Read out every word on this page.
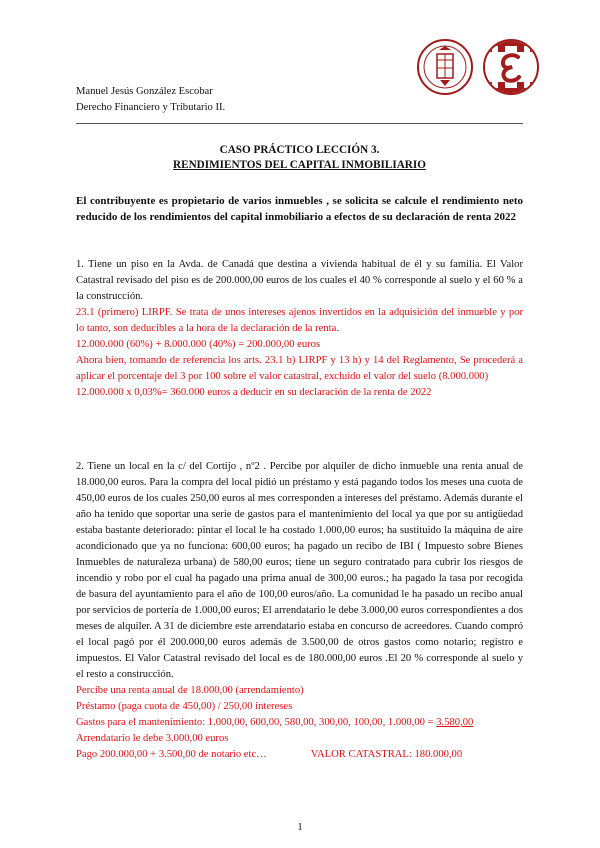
Manuel Jesús González Escobar
Derecho Financiero y Tributario II.
CASO PRÁCTICO LECCIÓN 3.
RENDIMIENTOS DEL CAPITAL INMOBILIARIO
El contribuyente es propietario de varios inmuebles , se solicita se calcule el rendimiento neto reducido de los rendimientos del capital inmobiliario a efectos de su declaración de renta 2022

1. Tiene un piso en la Avda. de Canadá que destina a vivienda habitual de él y su familia. El Valor Catastral revisado del piso es de 200.000,00 euros de los cuales el 40 % corresponde al suelo y el 60 % a la construcción.

23.1 (primero) LIRPF. Se trata de unos intereses ajenos invertidos en la adquisición del inmueble y por lo tanto, son deducibles a la hora de la declaración de la renta.

12.000.000 (60%) + 8.000.000 (40%) = 200.000,00 euros

Ahora bien, tomando de referencia los arts. 23.1 b) LIRPF y 13 h) y 14 del Reglamento, Se procederá a aplicar el porcentaje del 3 por 100 sobre el valor catastral, excluido el valor del suelo (8.000.000)

12.000.000 x 0,03%= 360.000 euros a deducir en su declaración de la renta de 2022

2. Tiene un local en la c/ del Cortijo , nº2 . Percibe por alquiler de dicho inmueble una renta anual de 18.000,00 euros. Para la compra del local pidió un préstamo y está pagando todos los meses una cuota de 450,00 euros de los cuales 250,00 euros al mes corresponden a intereses del préstamo. Además durante el año ha tenido que soportar una serie de gastos para el mantenimiento del local ya que por su antigüedad estaba bastante deteriorado: pintar el local le ha costado 1.000,00 euros; ha sustituido la máquina de aire acondicionado que ya no funciona: 600,00 euros; ha pagado un recibo de IBI ( Impuesto sobre Bienes Inmuebles de naturaleza urbana) de 580,00 euros; tiene un seguro contratado para cubrir los riesgos de incendio y robo por el cual ha pagado una prima anual de 300,00 euros.; ha pagado la tasa por recogida de basura del ayuntamiento para el año de 100,00 euros/año. La comunidad le ha pasado un recibo anual por servicios de portería de 1.000,00 euros; El arrendatario le debe 3.000,00 euros correspondientes a dos meses de alquiler. A 31 de diciembre este arrendatario estaba en concurso de acreedores. Cuando compró el local pagó por él 200.000,00 euros además de 3.500,00 de otros gastos como notario; registro e impuestos. El Valor Catastral revisado del local es de 180.000,00 euros .El 20 % corresponde al suelo y el resto a construcción.

Percibe una renta anual de 18.000,00 (arrendamiento)

Préstamo (paga cuota de 450,00) / 250,00 intereses

Gastos para el mantenimiento: 1.000,00, 600,00, 580,00, 300,00, 100,00, 1.000,00 = 3.580,00

Arrendatario le debe 3.000,00 euros

Pago 200.000,00 + 3.500,00 de notario etc…	VALOR CATASTRAL: 180.000,00

1
